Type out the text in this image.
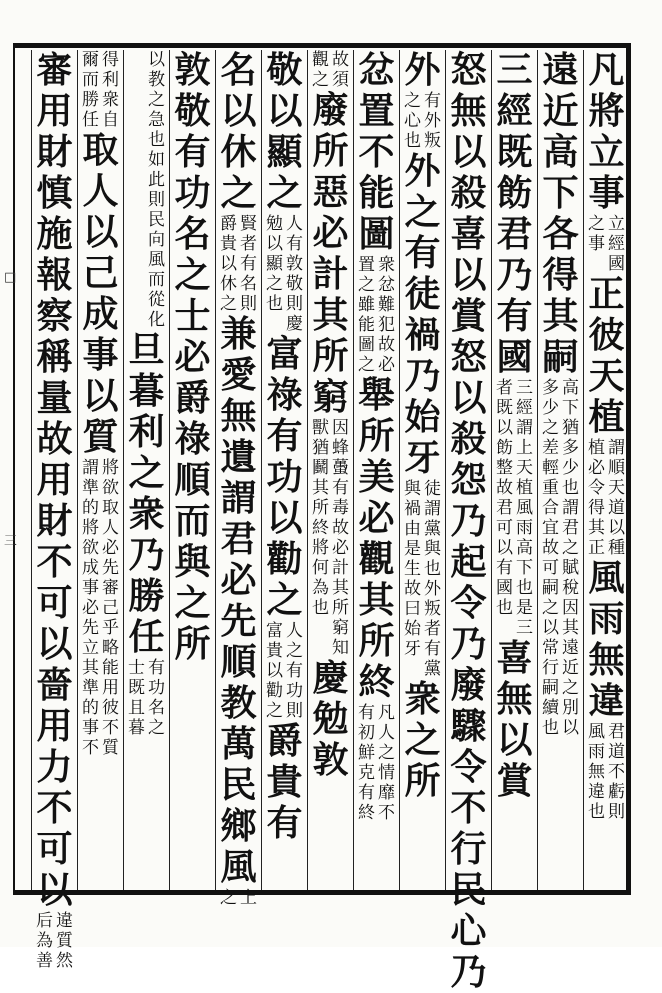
□
三
凡
將
立
事
立
經
國
之
事
正
彼
天
植
謂
順
天
道
以
種
植
必
令
得
其
正
風
雨
無
違
君
道
不
虧
則
風
雨
無
違
也
遠
近
高
下
各
得
其
嗣
高
下
猶
多
少
也
謂
君
之
賦
稅
因
其
遠
近
之
別
以
多
少
之
差
輕
重
合
宜
故
可
嗣
之
以
常
行
嗣
續
也
三
經
既
飭
君
乃
有
國
三
經
謂
上
天
植
風
雨
高
下
也
是
三
者
既
以
飭
整
故
君
可
以
有
國
也
喜
無
以
賞
怒
無
以
殺
喜
以
賞
怒
以
殺
怨
乃
起
令
乃
廢
驟
令
不
行
民
心
乃
外
有
外
叛
之
心
也
外
之
有
徒
禍
乃
始
牙
徒
謂
黨
與
也
外
叛
者
有
黨
與
禍
由
是
生
故
曰
始
牙
衆
之
所
忿
置
不
能
圖
衆
忿
難
犯
故
必
置
之
雖
能
圖
之
舉
所
美
必
觀
其
所
終
凡
人
之
情
靡
不
有
初
鮮
克
有
終
故
須
觀
之
廢
所
惡
必
計
其
所
窮
因
獸
蜂
蠆
有
毒
故
必
計
其
所
窮
知
猶
鬬
其
所
終
將
何
為
也
慶
勉
敦
敬
以
顯
之
人
有
敦
敬
則
慶
勉
以
顯
之
也
富
祿
有
功
以
勸
之
人
之
有
功
則
富
貴
以
勸
之
爵
貴
有
名
以
休
之
賢
者
有
名
則
爵
貴
以
休
之
兼
愛
無
遺
謂
君
必
先
順
教
萬
民
鄉
風
上
之
敦
敬
有
功
名
之
士
必
爵
祿
順
而
與
之
所
以
教
之
急
也
如
此
則
民
向
風
而
從
化
旦
暮
利
之
衆
乃
勝
任
有
功
名
之
士
既
且
暮
得
利
衆
自
爾
而
勝
任
取
人
以
己
成
事
以
質
將
欲
取
人
必
先
審
己
乎
略
能
用
彼
不
質
謂
準
的
將
欲
成
事
必
先
立
其
準
的
事
不
審
用
財
慎
施
報
察
稱
量
故
用
財
不
可
以
嗇
用
力
不
可
以
違
質
然
后
為
善
